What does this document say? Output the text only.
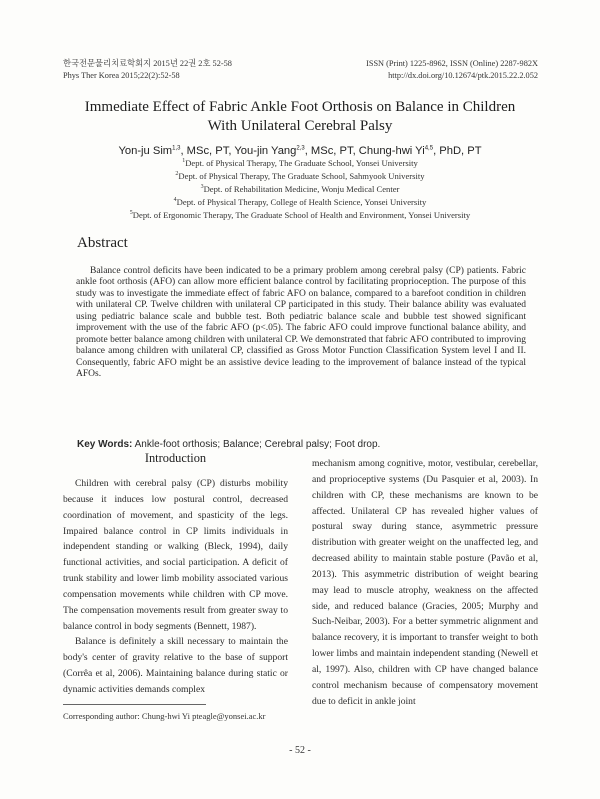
한국전문물리치료학회지 2015년 22권 2호 52-58
Phys Ther Korea 2015;22(2):52-58
ISSN (Print) 1225-8962, ISSN (Online) 2287-982X
http://dx.doi.org/10.12674/ptk.2015.22.2.052
Immediate Effect of Fabric Ankle Foot Orthosis on Balance in Children
With Unilateral Cerebral Palsy
Yon-ju Sim$^{1,3}$, MSc, PT, You-jin Yang$^{2,3}$, MSc, PT, Chung-hwi Yi$^{4,5}$, PhD, PT
$^1$Dept. of Physical Therapy, The Graduate School, Yonsei University
$^2$Dept. of Physical Therapy, The Graduate School, Sahmyook University
$^3$Dept. of Rehabilitation Medicine, Wonju Medical Center
$^4$Dept. of Physical Therapy, College of Health Science, Yonsei University
$^5$Dept. of Ergonomic Therapy, The Graduate School of Health and Environment, Yonsei University
Abstract

Balance control deficits have been indicated to be a primary problem among cerebral palsy (CP) patients. Fabric ankle foot orthosis (AFO) can allow more efficient balance control by facilitating proprioception. The purpose of this study was to investigate the immediate effect of fabric AFO on balance, compared to a barefoot condition in children with unilateral CP. Twelve children with unilateral CP participated in this study. Their balance ability was evaluated using pediatric balance scale and bubble test. Both pediatric balance scale and bubble test showed significant improvement with the use of the fabric AFO (p<.05). The fabric AFO could improve functional balance ability, and promote better balance among children with unilateral CP. We demonstrated that fabric AFO contributed to improving balance among children with unilateral CP, classified as Gross Motor Function Classification System level I and II. Consequently, fabric AFO might be an assistive device leading to the improvement of balance instead of the typical AFOs.

Key Words: Ankle-foot orthosis; Balance; Cerebral palsy; Foot drop.
Introduction

Children with cerebral palsy (CP) disturbs mobility because it induces low postural control, decreased coordination of movement, and spasticity of the legs. Impaired balance control in CP limits individuals in independent standing or walking (Bleck, 1994), daily functional activities, and social participation. A deficit of trunk stability and lower limb mobility associated various compensation movements while children with CP move. The compensation movements result from greater sway to balance control in body segments (Bennett, 1987).

Balance is definitely a skill necessary to maintain the body's center of gravity relative to the base of support (Corrêa et al, 2006). Maintaining balance during static or dynamic activities demands complex

mechanism among cognitive, motor, vestibular, cerebellar, and proprioceptive systems (Du Pasquier et al, 2003). In children with CP, these mechanisms are known to be affected. Unilateral CP has revealed higher values of postural sway during stance, asymmetric pressure distribution with greater weight on the unaffected leg, and decreased ability to maintain stable posture (Pavão et al, 2013). This asymmetric distribution of weight bearing may lead to muscle atrophy, weakness on the affected side, and reduced balance (Gracies, 2005; Murphy and Such-Neibar, 2003). For a better symmetric alignment and balance recovery, it is important to transfer weight to both lower limbs and maintain independent standing (Newell et al, 1997). Also, children with CP have changed balance control mechanism because of compensatory movement due to deficit in ankle joint

Corresponding author: Chung-hwi Yi pteagle@yonsei.ac.kr
- 52 -
